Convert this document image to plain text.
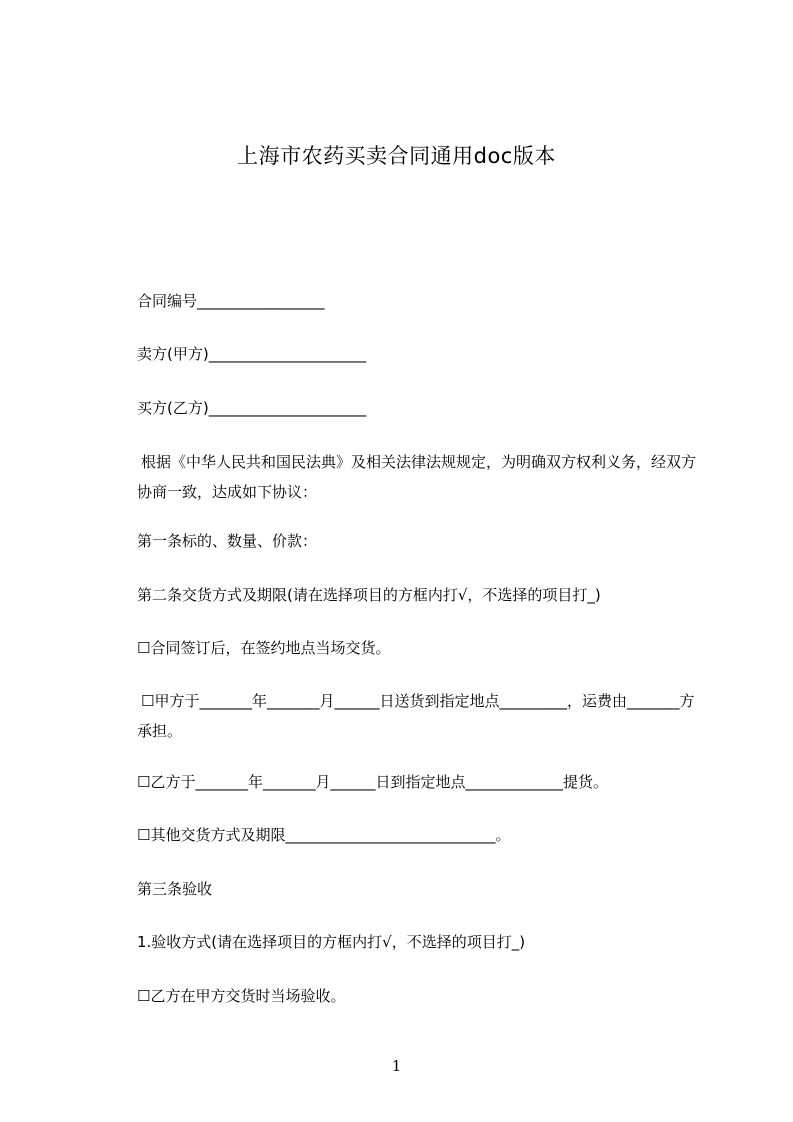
上海市农药买卖合同通用doc版本
合同编号_________________
卖方(甲方)_____________________
买方(乙方)_____________________
根据《中华人民共和国民法典》及相关法律法规规定，为明确双方权利义务，经双方协商一致，达成如下协议：
第一条标的、数量、价款：
第二条交货方式及期限(请在选择项目的方框内打√，不选择的项目打_)
☐合同签订后，在签约地点当场交货。
☐甲方于_______年_______月______日送货到指定地点_________，运费由_______方承担。
☐乙方于_______年_______月______日到指定地点_____________提货。
☐其他交货方式及期限____________________________。
第三条验收
1.验收方式(请在选择项目的方框内打√，不选择的项目打_)
☐乙方在甲方交货时当场验收。
1
